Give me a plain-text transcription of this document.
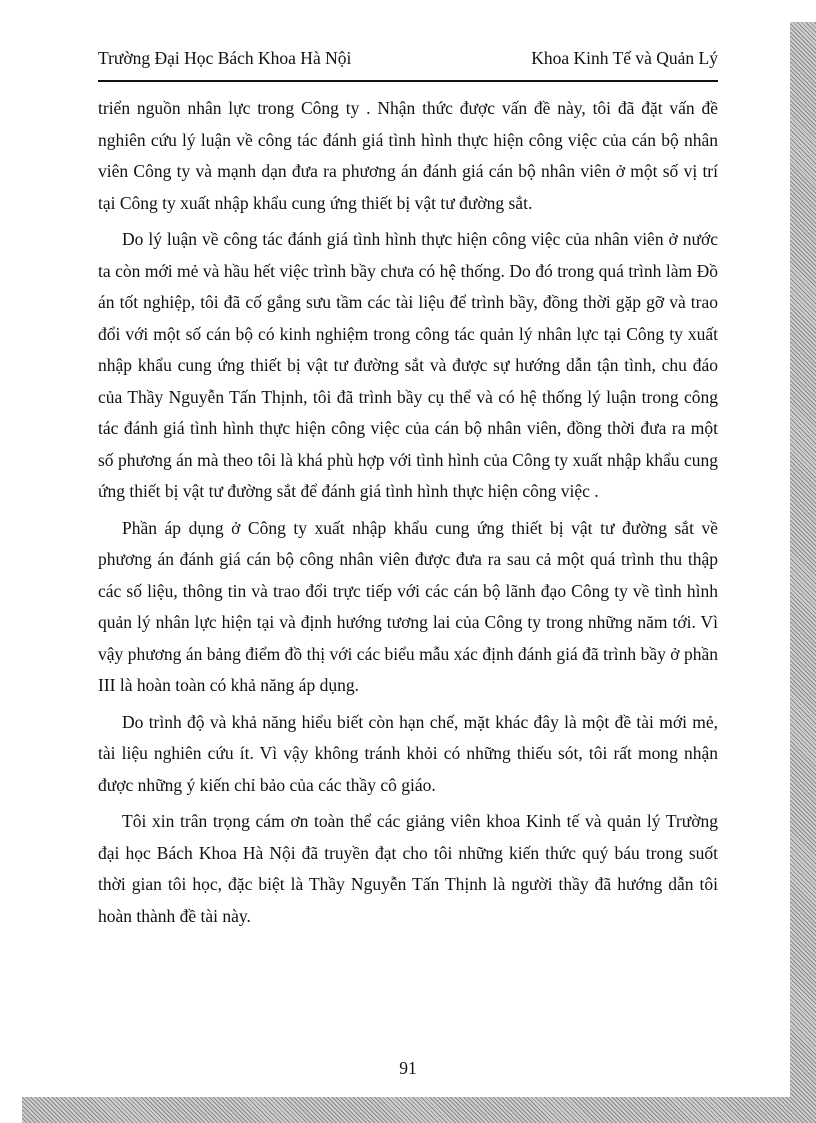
Trường Đại Học Bách Khoa Hà Nội	Khoa Kinh Tế và Quản Lý

triển nguồn nhân lực trong Công ty . Nhận thức được vấn đề này, tôi đã đặt vấn đề nghiên cứu lý luận về công tác đánh giá tình hình thực hiện công việc của cán bộ nhân viên Công ty và mạnh dạn đưa ra phương án đánh giá cán bộ nhân viên ở một số vị trí tại Công ty xuất nhập khẩu cung ứng thiết bị vật tư đường sắt.

Do lý luận về công tác đánh giá tình hình thực hiện công việc của nhân viên ở nước ta còn mới mẻ và hầu hết việc trình bầy chưa có hệ thống. Do đó trong quá trình làm Đồ án tốt nghiệp, tôi đã cố gắng sưu tầm các tài liệu để trình bầy, đồng thời gặp gỡ và trao đổi với một số cán bộ có kinh nghiệm trong công tác quản lý nhân lực tại Công ty xuất nhập khẩu cung ứng thiết bị vật tư đường sắt và được sự hướng dẫn tận tình, chu đáo của Thầy Nguyễn Tấn Thịnh, tôi đã trình bầy cụ thể và có hệ thống lý luận trong công tác đánh giá tình hình thực hiện công việc của cán bộ nhân viên, đồng thời đưa ra một số phương án mà theo tôi là khá phù hợp với tình hình của Công ty xuất nhập khẩu cung ứng thiết bị vật tư đường sắt để đánh giá tình hình thực hiện công việc .

Phần áp dụng ở Công ty xuất nhập khẩu cung ứng thiết bị vật tư đường sắt về phương án đánh giá cán bộ công nhân viên được đưa ra sau cả một quá trình thu thập các số liệu, thông tin và trao đổi trực tiếp với các cán bộ lãnh đạo Công ty về tình hình quản lý nhân lực hiện tại và định hướng tương lai của Công ty trong những năm tới. Vì vậy phương án bảng điểm đồ thị với các biểu mẫu xác định đánh giá đã trình bầy ở phần III là hoàn toàn có khả năng áp dụng.

Do trình độ và khả năng hiểu biết còn hạn chế, mặt khác đây là một đề tài mới mẻ, tài liệu nghiên cứu ít. Vì vậy không tránh khỏi có những thiếu sót, tôi rất mong nhận được những ý kiến chỉ bảo của các thầy cô giáo.

Tôi xin trân trọng cám ơn toàn thể các giảng viên khoa Kinh tế và quản lý Trường đại học Bách Khoa Hà Nội đã truyền đạt cho tôi những kiến thức quý báu trong suốt thời gian tôi học, đặc biệt là Thầy Nguyễn Tấn Thịnh là người thầy đã hướng dẫn tôi hoàn thành đề tài này.

91
